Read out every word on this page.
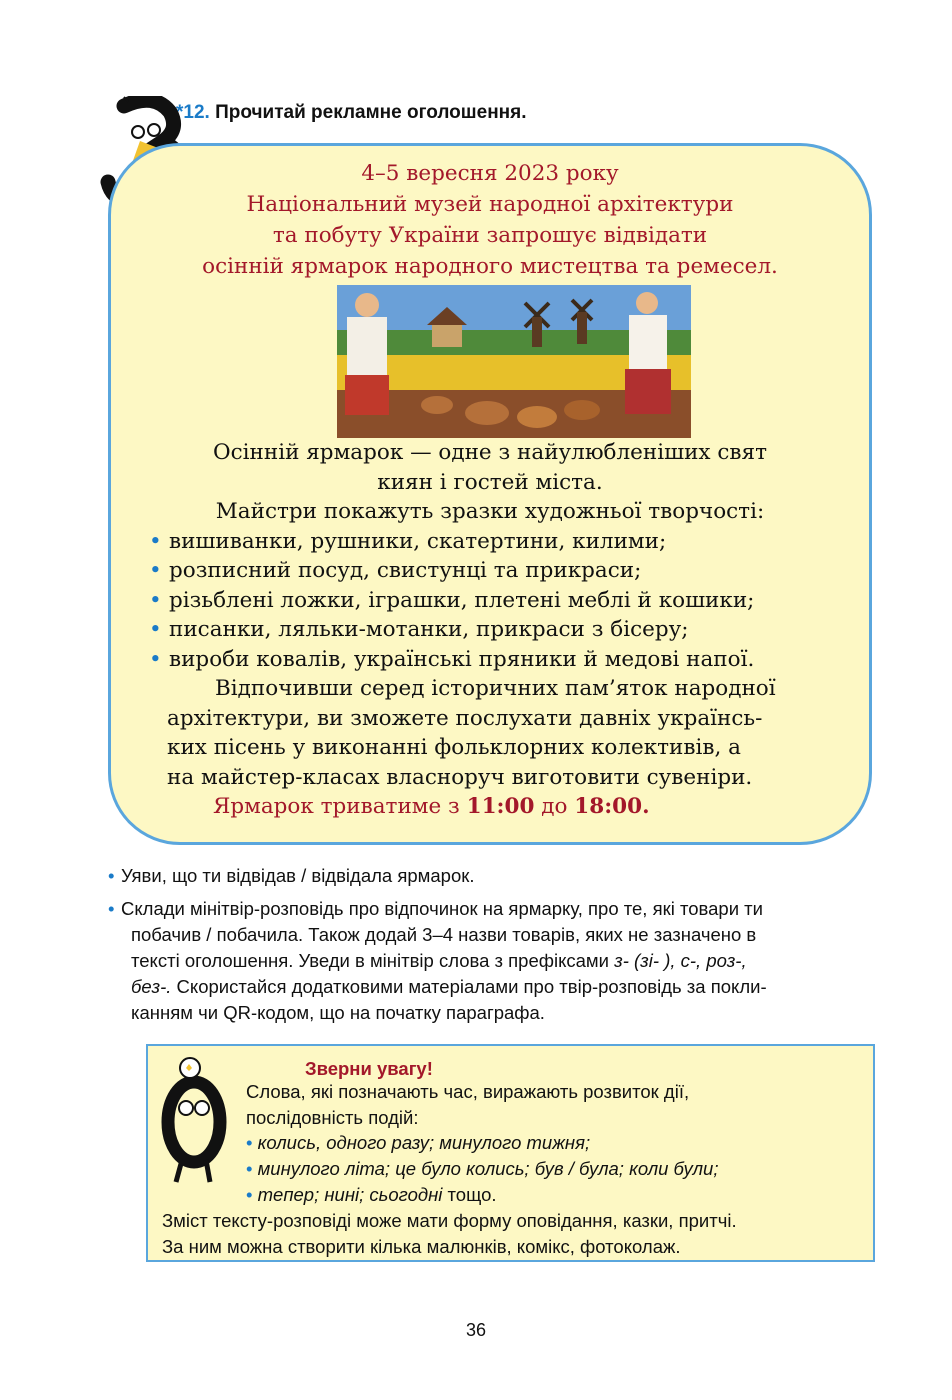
*12. Прочитай рекламне оголошення.
4–5 вересня 2023 року
Національний музей народної архітектури
та побуту України запрошує відвідати
осінній ярмарок народного мистецтва та ремесел.
Осінній ярмарок — одне з найулюбленіших свят
киян і гостей міста.
Майстри покажуть зразки художньої творчості:
• вишиванки, рушники, скатертини, килими;
• розписний посуд, свистунці та прикраси;
• різьблені ложки, іграшки, плетені меблі й кошики;
• писанки, ляльки-мотанки, прикраси з бісеру;
• вироби ковалів, українські пряники й медові напої.
Відпочивши серед історичних пам’яток народної
архітектури, ви зможете послухати давніх українсь-
ких пісень у виконанні фольклорних колективів, а
на майстер-класах власноруч виготовити сувеніри.
Ярмарок триватиме з 11:00 до 18:00.
• Уяви, що ти відвідав / відвідала ярмарок.
• Склади мінітвір-розповідь про відпочинок на ярмарку, про те, які товари ти
побачив / побачила. Також додай 3–4 назви товарів, яких не зазначено в
тексті оголошення. Уведи в мінітвір слова з префіксами з- (зі- ), с-, роз-,
без-. Скористайся додатковими матеріалами про твір-розповідь за покли-
канням чи QR-кодом, що на початку параграфа.
Зверни увагу!
Слова, які позначають час, виражають розвиток дії,
послідовність подій:
• колись, одного разу; минулого тижня;
• минулого літа; це було колись; був / була; коли були;
• тепер; нині; сьогодні тощо.
Зміст тексту-розповіді може мати форму оповідання, казки, притчі.
За ним можна створити кілька малюнків, комікс, фотоколаж.
36
